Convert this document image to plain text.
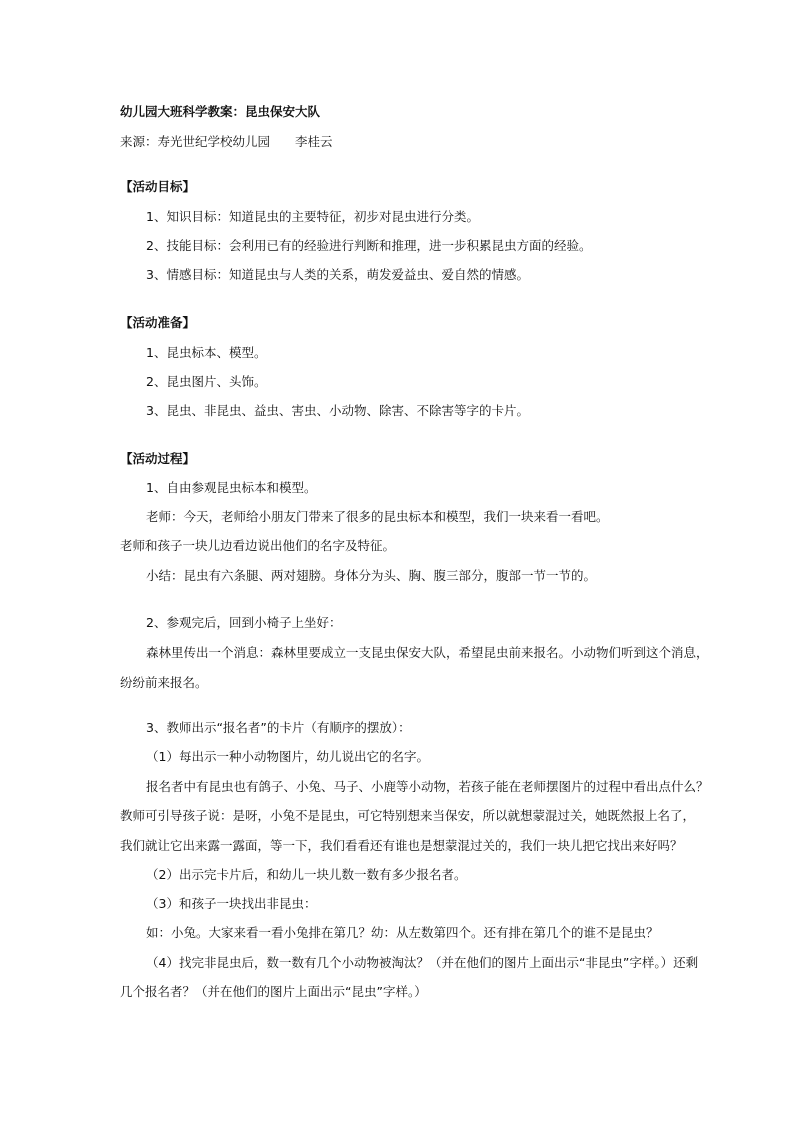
幼儿园大班科学教案：昆虫保安大队
来源：寿光世纪学校幼儿园　　李桂云
【活动目标】
1、知识目标：知道昆虫的主要特征，初步对昆虫进行分类。
2、技能目标：会利用已有的经验进行判断和推理，进一步积累昆虫方面的经验。
3、情感目标：知道昆虫与人类的关系，萌发爱益虫、爱自然的情感。
【活动准备】
1、昆虫标本、模型。
2、昆虫图片、头饰。
3、昆虫、非昆虫、益虫、害虫、小动物、除害、不除害等字的卡片。
【活动过程】
1、自由参观昆虫标本和模型。
老师：今天，老师给小朋友门带来了很多的昆虫标本和模型，我们一块来看一看吧。
老师和孩子一块儿边看边说出他们的名字及特征。
小结：昆虫有六条腿、两对翅膀。身体分为头、胸、腹三部分，腹部一节一节的。
2、参观完后，回到小椅子上坐好：
森林里传出一个消息：森林里要成立一支昆虫保安大队，希望昆虫前来报名。小动物们听到这个消息，
纷纷前来报名。
3、教师出示“报名者”的卡片（有顺序的摆放）：
（1）每出示一种小动物图片，幼儿说出它的名字。
报名者中有昆虫也有鸽子、小兔、马子、小鹿等小动物，若孩子能在老师摆图片的过程中看出点什么？
教师可引导孩子说：是呀，小兔不是昆虫，可它特别想来当保安，所以就想蒙混过关，她既然报上名了，
我们就让它出来露一露面，等一下，我们看看还有谁也是想蒙混过关的，我们一块儿把它找出来好吗？
（2）出示完卡片后，和幼儿一块儿数一数有多少报名者。
（3）和孩子一块找出非昆虫：
如：小兔。大家来看一看小兔排在第几？幼：从左数第四个。还有排在第几个的谁不是昆虫？
（4）找完非昆虫后，数一数有几个小动物被淘汰？（并在他们的图片上面出示“非昆虫”字样。）还剩
几个报名者？（并在他们的图片上面出示“昆虫”字样。）
